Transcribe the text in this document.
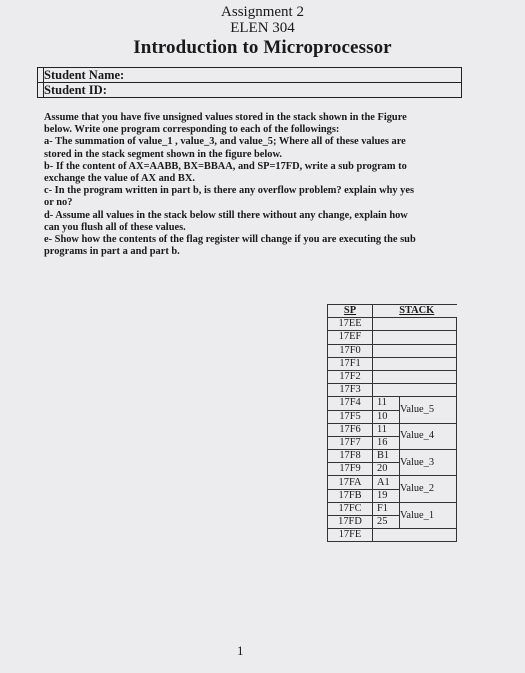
Assignment 2
ELEN 304
Introduction to Microprocessor
Student Name:
Student ID:
Assume that you have five unsigned values stored in the stack shown in the Figure
below. Write one program corresponding to each of the followings:
a- The summation of value_1 , value_3, and value_5; Where all of these values are
stored in the stack segment shown in the figure below.
b- If the content of AX=AABB, BX=BBAA, and SP=17FD, write a sub program to
exchange the value of AX and BX.
c- In the program written in part b, is there any overflow problem? explain why yes
or no?
d- Assume all values in the stack below still there without any change, explain how
can you flush all of these values.
e- Show how the contents of the flag register will change if you are executing the sub
programs in part a and part b.
SP	STACK	
17EE		
17EF		
17F0		
17F1		
17F2		
17F3		
17F4	11	Value_5
17F5	10	
17F6	11	Value_4
17F7	16	
17F8	B1	Value_3
17F9	20	
17FA	A1	Value_2
17FB	19	
17FC	F1	Value_1
17FD	25	
17FE		
1
